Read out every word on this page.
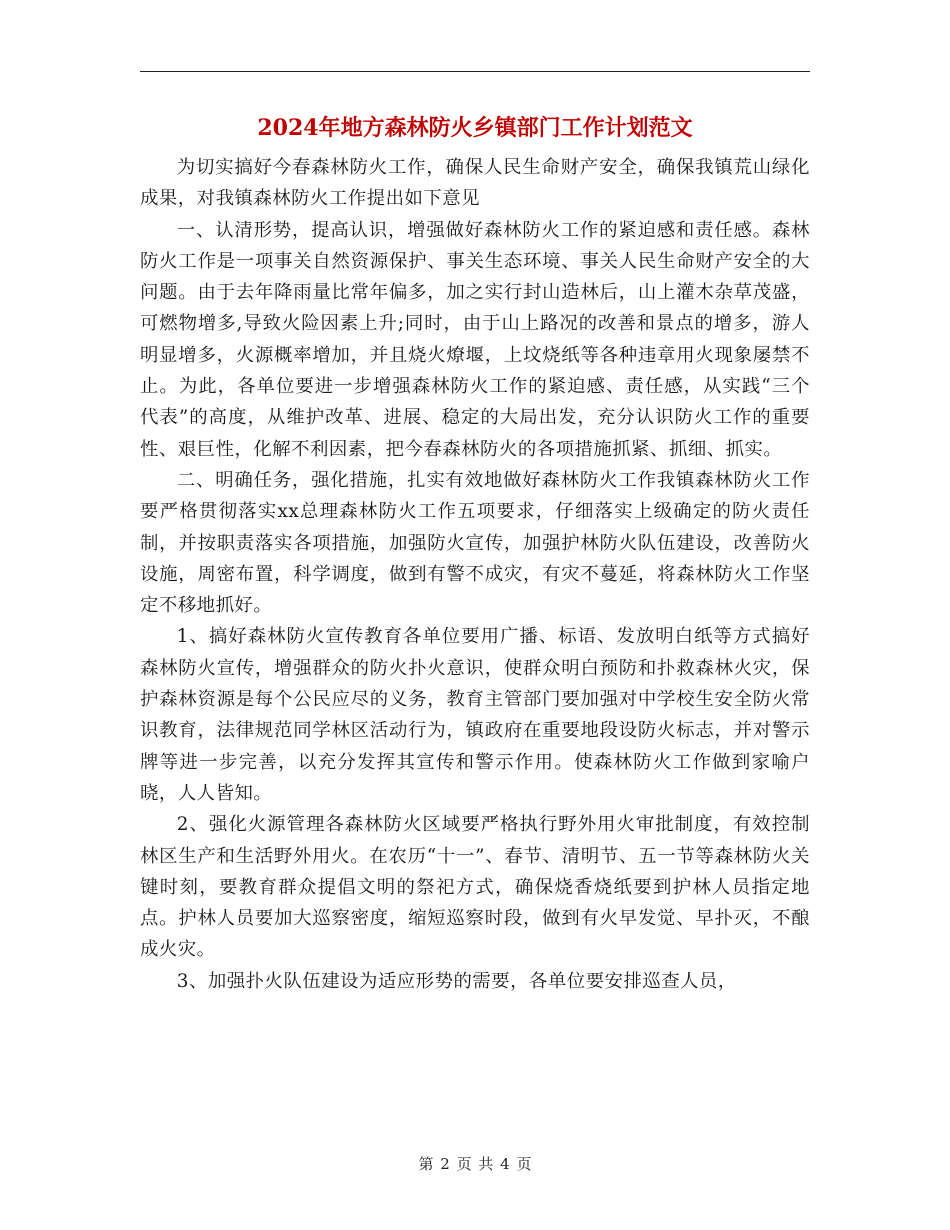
2024年地方森林防火乡镇部门工作计划范文

为切实搞好今春森林防火工作，确保人民生命财产安全，确保我镇荒山绿化成果，对我镇森林防火工作提出如下意见

一、认清形势，提高认识，增强做好森林防火工作的紧迫感和责任感。森林防火工作是一项事关自然资源保护、事关生态环境、事关人民生命财产安全的大问题。由于去年降雨量比常年偏多，加之实行封山造林后，山上灌木杂草茂盛，可燃物增多,导致火险因素上升;同时，由于山上路况的改善和景点的增多，游人明显增多，火源概率增加，并且烧火燎堰，上坟烧纸等各种违章用火现象屡禁不止。为此，各单位要进一步增强森林防火工作的紧迫感、责任感，从实践“三个代表”的高度，从维护改革、进展、稳定的大局出发，充分认识防火工作的重要性、艰巨性，化解不利因素，把今春森林防火的各项措施抓紧、抓细、抓实。

二、明确任务，强化措施，扎实有效地做好森林防火工作我镇森林防火工作要严格贯彻落实xx总理森林防火工作五项要求，仔细落实上级确定的防火责任制，并按职责落实各项措施，加强防火宣传，加强护林防火队伍建设，改善防火设施，周密布置，科学调度，做到有警不成灾，有灾不蔓延，将森林防火工作坚定不移地抓好。

1、搞好森林防火宣传教育各单位要用广播、标语、发放明白纸等方式搞好森林防火宣传，增强群众的防火扑火意识，使群众明白预防和扑救森林火灾，保护森林资源是每个公民应尽的义务，教育主管部门要加强对中学校生安全防火常识教育，法律规范同学林区活动行为，镇政府在重要地段设防火标志，并对警示牌等进一步完善，以充分发挥其宣传和警示作用。使森林防火工作做到家喻户晓，人人皆知。

2、强化火源管理各森林防火区域要严格执行野外用火审批制度，有效控制林区生产和生活野外用火。在农历“十一”、春节、清明节、五一节等森林防火关键时刻，要教育群众提倡文明的祭祀方式，确保烧香烧纸要到护林人员指定地点。护林人员要加大巡察密度，缩短巡察时段，做到有火早发觉、早扑灭，不酿成火灾。

3、加强扑火队伍建设为适应形势的需要，各单位要安排巡查人员，

第 2 页 共 4 页
